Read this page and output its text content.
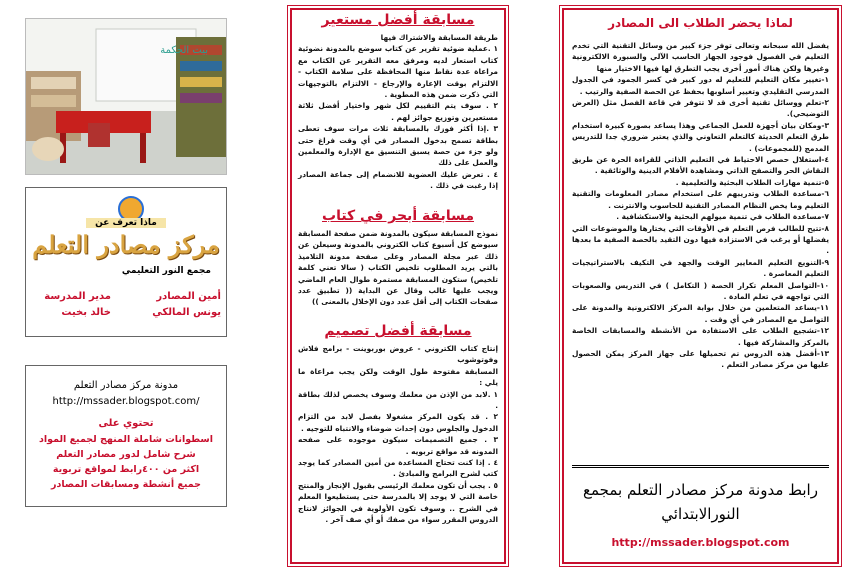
بيت الحكمة
ماذا تعرف عن
مركز مصادر التعلم
مجمع النور التعليمي
أمين المصادر
مدير المدرسة
يونس المالكي
خالد بخيت
مدونة مركز مصادر التعلم
http://mssader.blogspot.com/
تحتوي على
اسطوانات شاملة المنهج لجميع المواد
شرح شامل لدور مصادر التعلم
اكثر من ٤٠٠رابط لمواقع تربوية
جميع أنشطة ومسابقات المصادر
مسابقة أفضل مستعير

طريقة المسابقة والاشتراك فيها

١ .عملية ضوئية تقرير عن كتاب سوضع بالمدونة نضوئية كتاب استعار لديه ومرفق معه التقرير عن الكتاب مع مراعاة عدة نقاط منها المحافظة على سلامة الكتاب - الالتزام بوقت الإعارة والإرجاع - الالتزام بالتوجيهات التي ذكرت ضمن هذه المطوية .

٢ . سوف يتم التقييم لكل شهر واختيار أفضل ثلاثة مستعيرين وتوزيع جوائز لهم .

٣ .إذا أكثر فوزك بالمسابقة ثلاث مرات سوف تعطى بطاقة تسمح بدخول المصادر في أي وقت فراغ حتى ولو جزء من حصة يسبق التنسيق مع الإدارة والمعلمين والعمل على ذلك

٤ . تعرض عليك العضوية للانضمام إلى جماعة المصادر إذا رغبت في ذلك .

مسابقة أبحر في كتاب

نموذج المسابقة سيكون بالمدونة ضمن صفحة المسابقة سيوضع كل أسبوع كتاب الكتروني بالمدونة وسيعلن عن ذلك عبر مجلة المصادر وعلى صفحة مدونة التلاميذ بالتي يريد المطلوب تلخيص الكتاب ( سالا تعني كلمة تلخيص) ستكون المسابقة مستمرة طوال العام الماضي ويجب عليها غالب وقال عن البداية (( تطبيق عدد صفحات الكتاب إلى أقل عدد دون الإخلال بالمعنى ))

مسابقة أفضل تصميم

إنتاج كتاب الكتروني - عروض بوربوينت - برامج فلاش وفوتوشوب

المسابقة مفتوحة طول الوقت ولكن يجب مراعاة ما يلي :

١ .لابد من الإذن من معلمك وسوف يخصص لذلك بطاقة .

٢ . قد يكون المركز مشغولا بفصل لابد من التزام الدخول والجلوس دون إحداث ضوضاء والانتباه للتوجيه .

٣ . جميع التصميمات سيكون موجوده على صفحه المدونه قد مواقع تربويه .

٤ . إذا كنت تحتاج المساعدة من أمين المصادر كما يوجد كتب لشرح البرامج والمبادئ .

٥ . يجب أن تكون معلمك الرئيسي بقبول الإنجاز والمنتج خاصة التي لا يوجد إلا بالمدرسة حتى يستطيعوا المعلم في الشرح .. وسوف تكون الأولوية في الجوائز لانتاج الدروس المقرر سواء من صفك أو أي صف آخر .

لماذا يحضر الطلاب الى المصادر

يفضل الله سبحانه وتعالى توفر جزء كبير من وسائل التقنية التي تخدم التعليم في الفصول فوجود الجهاز الحاسب الآلي والسبورة الالكترونية وغيرها ولكن هناك أمور أخرى يجب التطرق لها فيها الاختيار منها

١-تغيير مكان التعليم للتعليم له دور كبير في كسر الجمود في الجدول المدرسي التقليدي وتغيير أسلوبها بحفظ عن الحصة الصفية والرتيب .

٢-تعلم ووسائل تقنية أخرى قد لا تتوفر في قاعة الفصل مثل (العرض التوضيحي).

٣-ومكان بيان أجهزة للعمل الجماعي وهذا يساعد بصورة كبيرة استخدام طرق التعلم الحديثة كالتعلم التعاوني والذي يعتبر ضروري جدا للتدريس المدمج (للمجموعات) .

٤-استغلال حصص الاحتياط في التعليم الذاتي للقراءة الحرة عن طريق النقاش الحر والتصفح الذاتي ومشاهدة الأفلام الدينية والوثائقية .

٥-تنمية مهارات الطلاب البحثية والتعليمية .

٦-مساعدة الطلاب وتدريبهم على استخدام مصادر المعلومات والتقنية التعليم وما يخص النظام المصادر التقنية للحاسوب والانترنت .

٧-مساعدة الطلاب في تنمية ميولهم البحثية والاستكشافية .

٨-تتيح للطالب فرص التعلم في الأوقات التي يختارها والموضوعات التي يفضلها أو يرغب في الاستزادة فيها دون التقيد بالحصة الصفية ما بعدها .

٩-التنويع التعليم المعايير الوقت والجهد في التكيف بالاستراتيجيات التعليم المعاصرة .

١٠-التواصل المعلم تكرار الحصة ( التكامل ) في التدريس والصعوبات التي تواجهه في تعلم المادة .

١١-يساعد المتعلمين من خلال بوابة المركز الالكترونية والمدونة على التواصل مع المصادر في أي وقت .

١٢-تشجيع الطلاب على الاستفادة من الأنشطة والمسابقات الخاصة بالمركز والمشاركة فيها .

١٣-أفضل هذه الدروس تم تحميلها على جهاز المركز يمكن الحصول عليها من مركز مصادر التعلم .

رابط مدونة مركز مصادر التعلم بمجمع النورالابتدائي
http://mssader.blogspot.com
